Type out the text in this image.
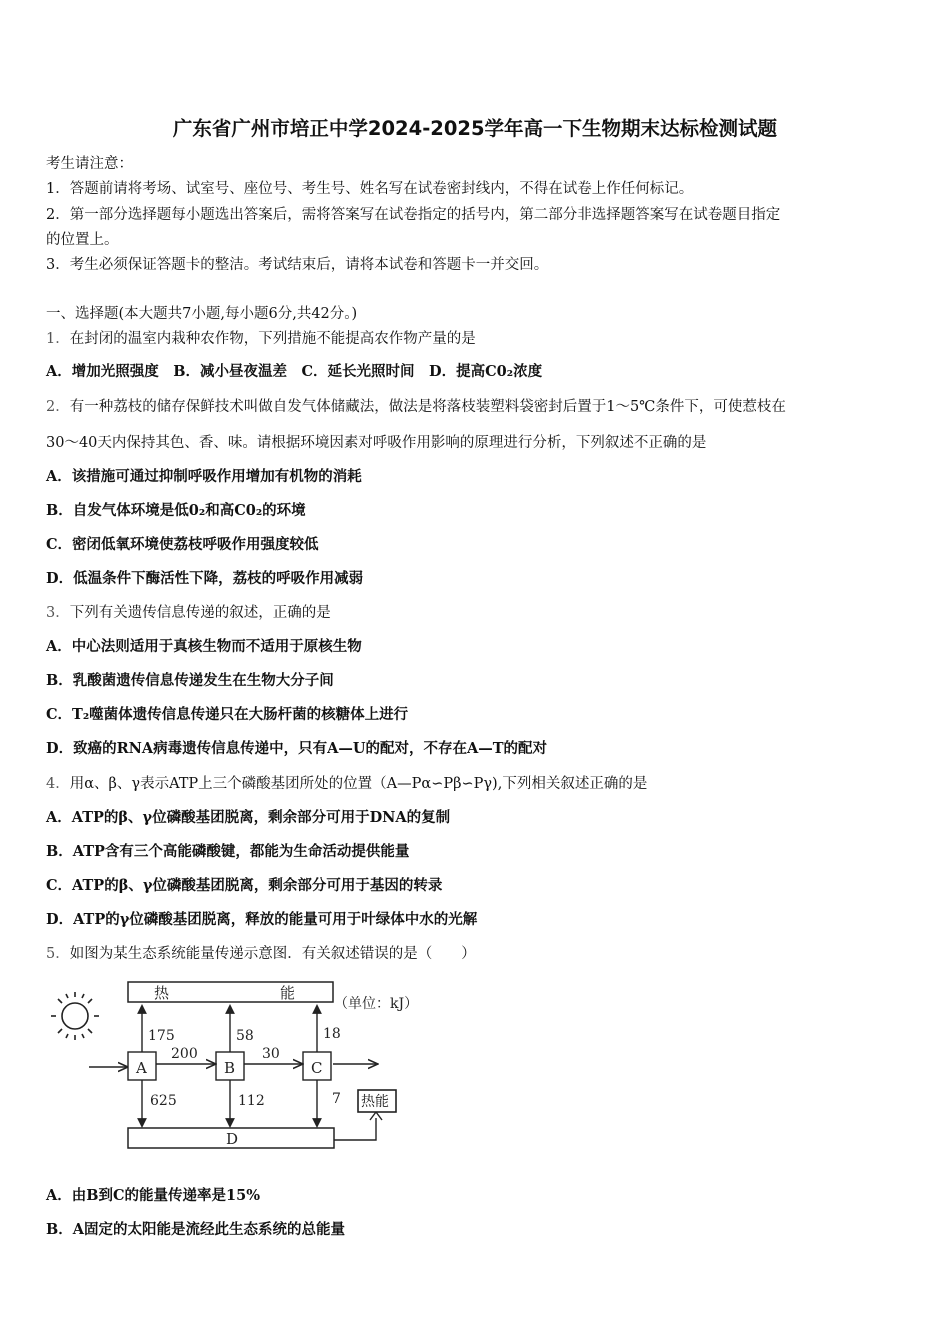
广东省广州市培正中学2024-2025学年高一下生物期末达标检测试题
考生请注意：
1．答题前请将考场、试室号、座位号、考生号、姓名写在试卷密封线内，不得在试卷上作任何标记。
2．第一部分选择题每小题选出答案后，需将答案写在试卷指定的括号内，第二部分非选择题答案写在试卷题目指定
的位置上。
3．考生必须保证答题卡的整洁。考试结束后，请将本试卷和答题卡一并交回。
一、选择题(本大题共7小题,每小题6分,共42分。)
1．在封闭的温室内栽种农作物，下列措施不能提高农作物产量的是
A．增加光照强度　B．减小昼夜温差　C．延长光照时间　D．提高C0₂浓度
2．有一种荔枝的储存保鲜技术叫做自发气体储藏法，做法是将落枝装塑料袋密封后置于1～5℃条件下，可使惹枝在
30～40天内保持其色、香、味。请根据环境因素对呼吸作用影响的原理进行分析，下列叙述不正确的是
A．该措施可通过抑制呼吸作用增加有机物的消耗
B．自发气体环境是低0₂和高C0₂的环境
C．密闭低氧环境使荔枝呼吸作用强度较低
D．低温条件下酶活性下降，荔枝的呼吸作用减弱
3．下列有关遗传信息传递的叙述，正确的是
A．中心法则适用于真核生物而不适用于原核生物
B．乳酸菌遗传信息传递发生在生物大分子间
C．T₂噬菌体遗传信息传递只在大肠杆菌的核糖体上进行
D．致癌的RNA病毒遗传信息传递中，只有A—U的配对，不存在A—T的配对
4．用α、β、γ表示ATP上三个磷酸基团所处的位置（A—Pα∽Pβ∽Pγ),下列相关叙述正确的是
A．ATP的β、γ位磷酸基团脱离，剩余部分可用于DNA的复制
B．ATP含有三个高能磷酸键，都能为生命活动提供能量
C．ATP的β、γ位磷酸基团脱离，剩余部分可用于基因的转录
D．ATP的γ位磷酸基团脱离，释放的能量可用于叶绿体中水的光解
5．如图为某生态系统能量传递示意图．有关叙述错误的是（　　）
热	能
（单位：kJ）
A	B	C
200	30
175	58	18
625	112	7
D
热能
A．由B到C的能量传递率是15%
B．A固定的太阳能是流经此生态系统的总能量
